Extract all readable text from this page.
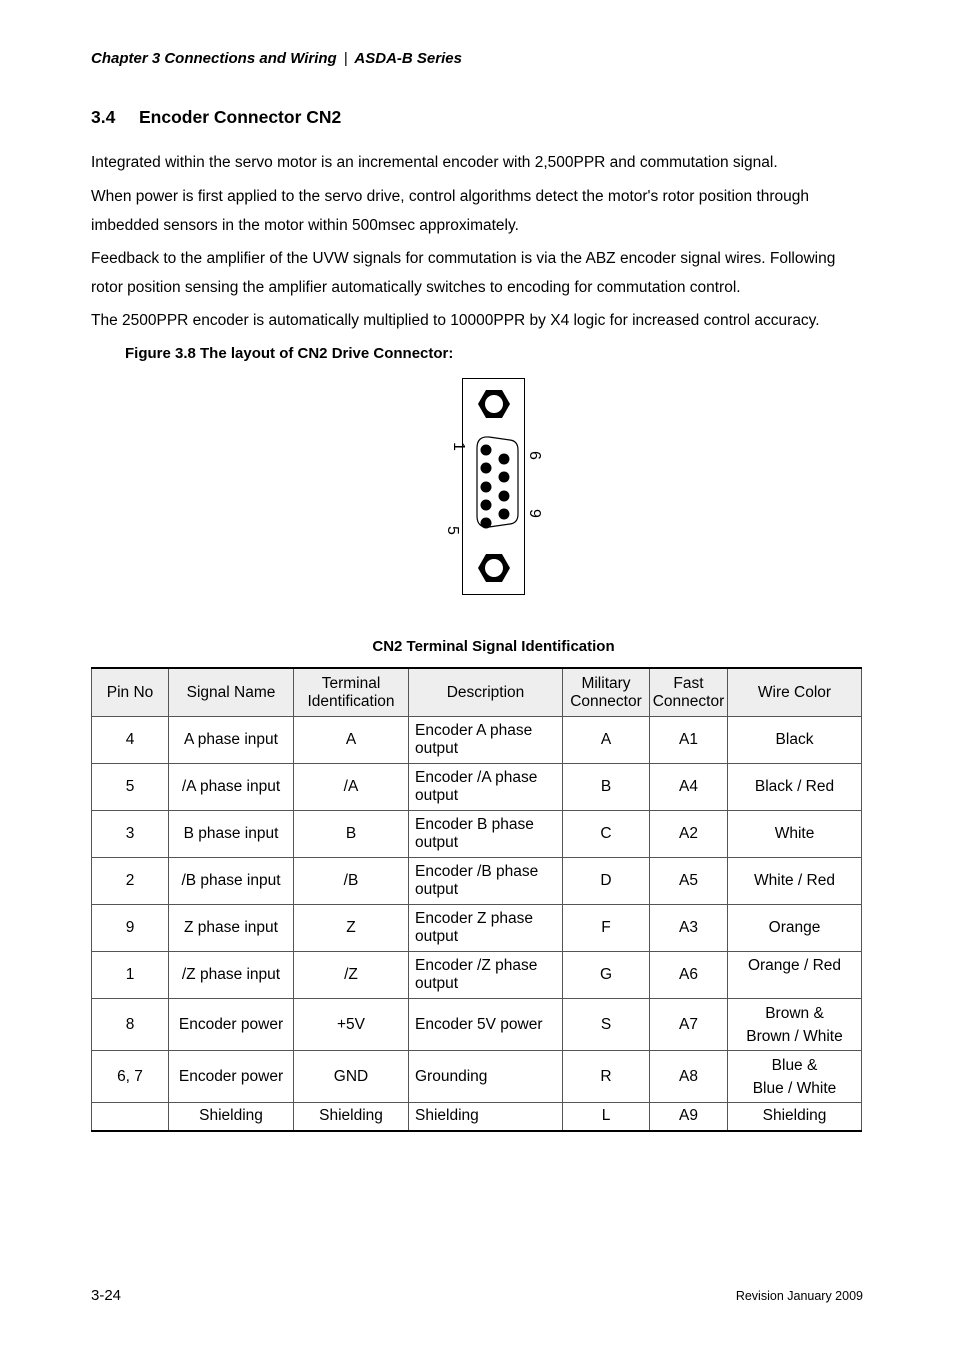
Chapter 3 Connections and Wiring | ASDA-B Series
3.4 Encoder Connector CN2
Integrated within the servo motor is an incremental encoder with 2,500PPR and commutation signal.
When power is first applied to the servo drive, control algorithms detect the motor's rotor position through imbedded sensors in the motor within 500msec approximately.
Feedback to the amplifier of the UVW signals for commutation is via the ABZ encoder signal wires. Following rotor position sensing the amplifier automatically switches to encoding for commutation control.
The 2500PPR encoder is automatically multiplied to 10000PPR by X4 logic for increased control accuracy.
Figure 3.8 The layout of CN2 Drive Connector:
1
5
6
9
CN2 Terminal Signal Identification
Pin No	Signal Name	Terminal Identification	Description	Military Connector	Fast Connector	Wire Color
4	A phase input	A	Encoder A phase output	A	A1	Black
5	/A phase input	/A	Encoder /A phase output	B	A4	Black / Red
3	B phase input	B	Encoder B phase output	C	A2	White
2	/B phase input	/B	Encoder /B phase output	D	A5	White / Red
9	Z phase input	Z	Encoder Z phase output	F	A3	Orange
1	/Z phase input	/Z	Encoder /Z phase output	G	A6	Orange / Red
8	Encoder power	+5V	Encoder 5V power	S	A7	Brown &
Brown / White

6, 7	Encoder power	GND	Grounding	R	A8	Blue &
Blue / White

	Shielding	Shielding	Shielding	L	A9	Shielding
3-24	Revision January 2009
